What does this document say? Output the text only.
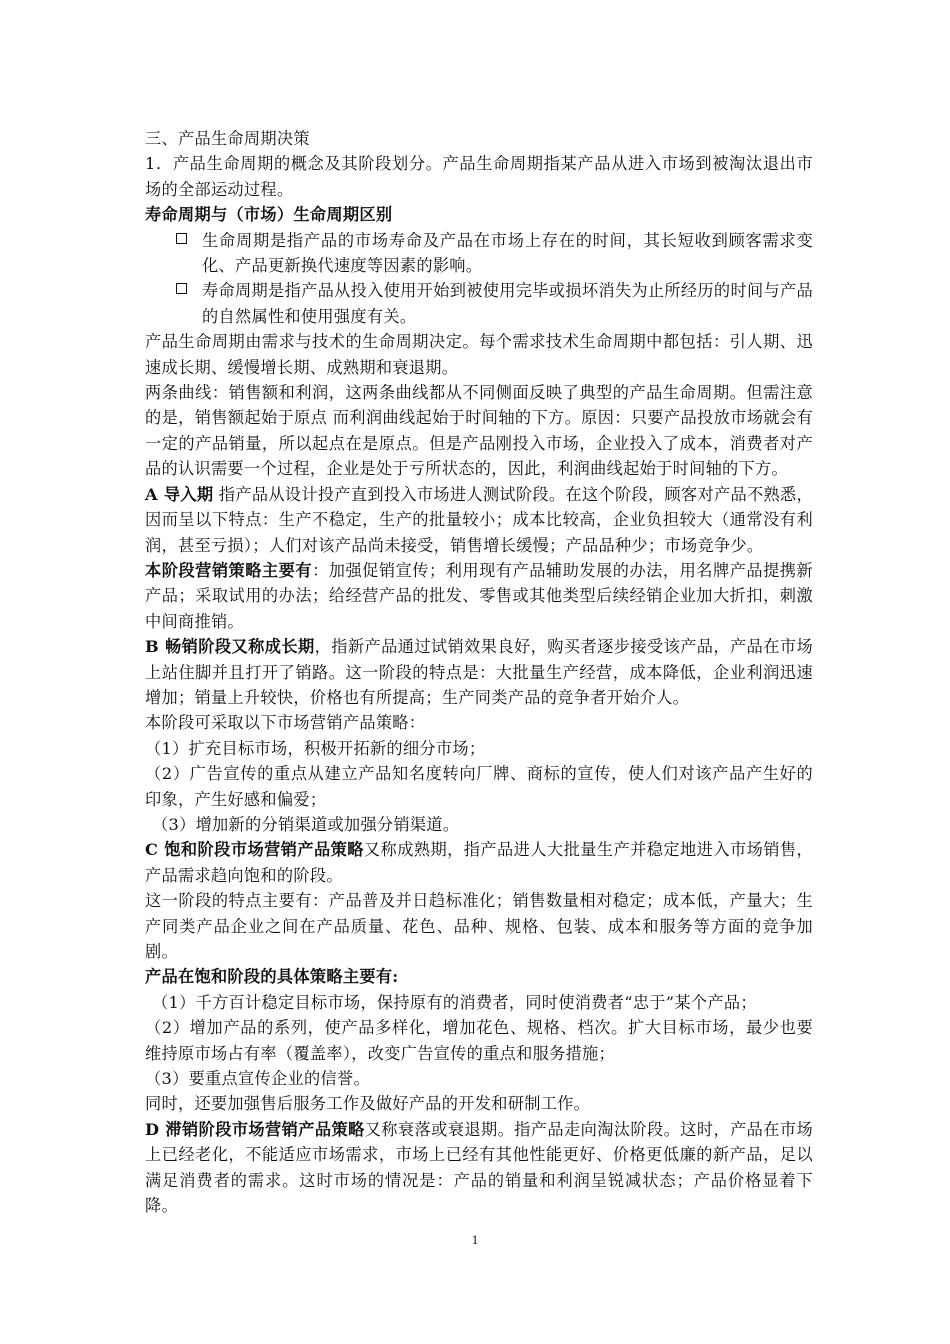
三、产品生命周期决策

1．产品生命周期的概念及其阶段划分。产品生命周期指某产品从进入市场到被淘汰退出市场的全部运动过程。

寿命周期与（市场）生命周期区别

生命周期是指产品的市场寿命及产品在市场上存在的时间，其长短收到顾客需求变化、产品更新换代速度等因素的影响。

寿命周期是指产品从投入使用开始到被使用完毕或损坏消失为止所经历的时间与产品的自然属性和使用强度有关。

产品生命周期由需求与技术的生命周期决定。每个需求技术生命周期中都包括：引人期、迅速成长期、缓慢增长期、成熟期和衰退期。

两条曲线：销售额和利润，这两条曲线都从不同侧面反映了典型的产品生命周期。但需注意的是，销售额起始于原点 而利润曲线起始于时间轴的下方。原因：只要产品投放市场就会有一定的产品销量，所以起点在是原点。但是产品刚投入市场，企业投入了成本，消费者对产品的认识需要一个过程，企业是处于亏所状态的，因此，利润曲线起始于时间轴的下方。

A 导入期 指产品从设计投产直到投入市场进人测试阶段。在这个阶段，顾客对产品不熟悉，因而呈以下特点：生产不稳定，生产的批量较小；成本比较高，企业负担较大（通常没有利润，甚至亏损）；人们对该产品尚未接受，销售增长缓慢；产品品种少；市场竞争少。

本阶段营销策略主要有：加强促销宣传；利用现有产品辅助发展的办法，用名牌产品提携新产品；采取试用的办法；给经营产品的批发、零售或其他类型后续经销企业加大折扣，刺激中间商推销。

B 畅销阶段又称成长期，指新产品通过试销效果良好，购买者逐步接受该产品，产品在市场上站住脚并且打开了销路。这一阶段的特点是：大批量生产经营，成本降低，企业利润迅速增加；销量上升较快，价格也有所提高；生产同类产品的竞争者开始介人。

本阶段可采取以下市场营销产品策略：

（1）扩充目标市场，积极开拓新的细分市场；

（2）广告宣传的重点从建立产品知名度转向厂牌、商标的宣传，使人们对该产品产生好的印象，产生好感和偏爱；

（3）增加新的分销渠道或加强分销渠道。

C 饱和阶段市场营销产品策略又称成熟期，指产品进人大批量生产并稳定地进入市场销售，产品需求趋向饱和的阶段。

这一阶段的特点主要有：产品普及并日趋标准化；销售数量相对稳定；成本低，产量大；生产同类产品企业之间在产品质量、花色、品种、规格、包装、成本和服务等方面的竞争加剧。

产品在饱和阶段的具体策略主要有:

（1）千方百计稳定目标市场，保持原有的消费者，同时使消费者“忠于”某个产品；

（2）增加产品的系列，使产品多样化，增加花色、规格、档次。扩大目标市场，最少也要维持原市场占有率（覆盖率），改变广告宣传的重点和服务措施；

（3）要重点宣传企业的信誉。

同时，还要加强售后服务工作及做好产品的开发和研制工作。

D 滞销阶段市场营销产品策略又称衰落或衰退期。指产品走向淘汰阶段。这时，产品在市场上已经老化，不能适应市场需求，市场上已经有其他性能更好、价格更低廉的新产品，足以满足消费者的需求。这时市场的情况是：产品的销量和利润呈锐减状态；产品价格显着下降。

1
